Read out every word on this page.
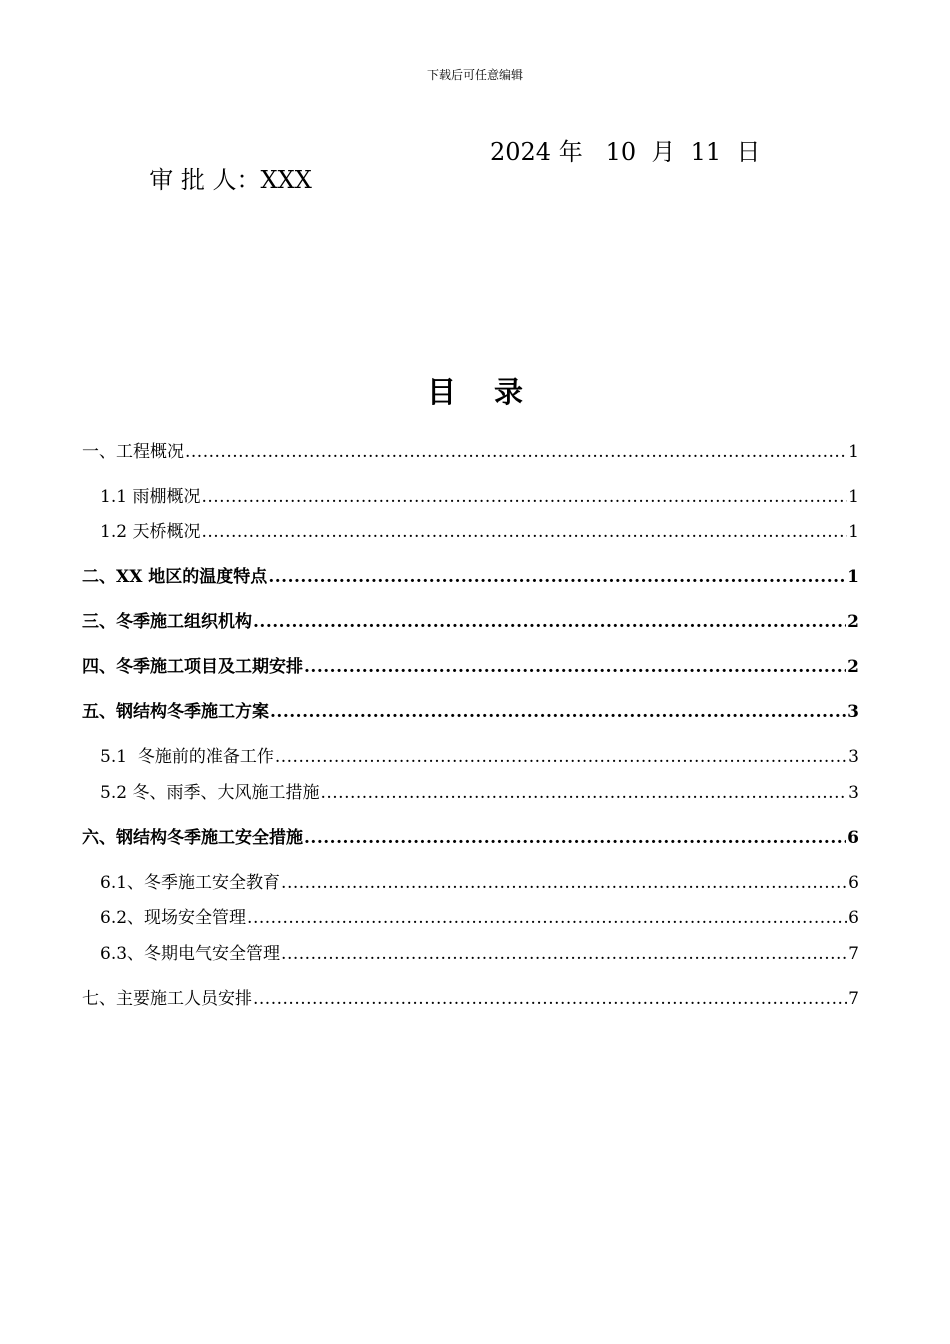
下载后可任意编辑

审 批 人：XXX

2024 年   10  月  11  日

目录
一、工程概况 .....	1
1.1 雨棚概况 .....	1
1.2 天桥概况 .....	1
二、XX 地区的温度特点 .....	1
三、冬季施工组织机构 .....	2
四、冬季施工项目及工期安排 .....	2
五、钢结构冬季施工方案 .....	3
5.1  冬施前的准备工作 .....	3
5.2 冬、雨季、大风施工措施 .....	3
六、钢结构冬季施工安全措施 .....	6
6.1、冬季施工安全教育 .....	6
6.2、现场安全管理 .....	6
6.3、冬期电气安全管理 .....	7
七、主要施工人员安排 .....	7
